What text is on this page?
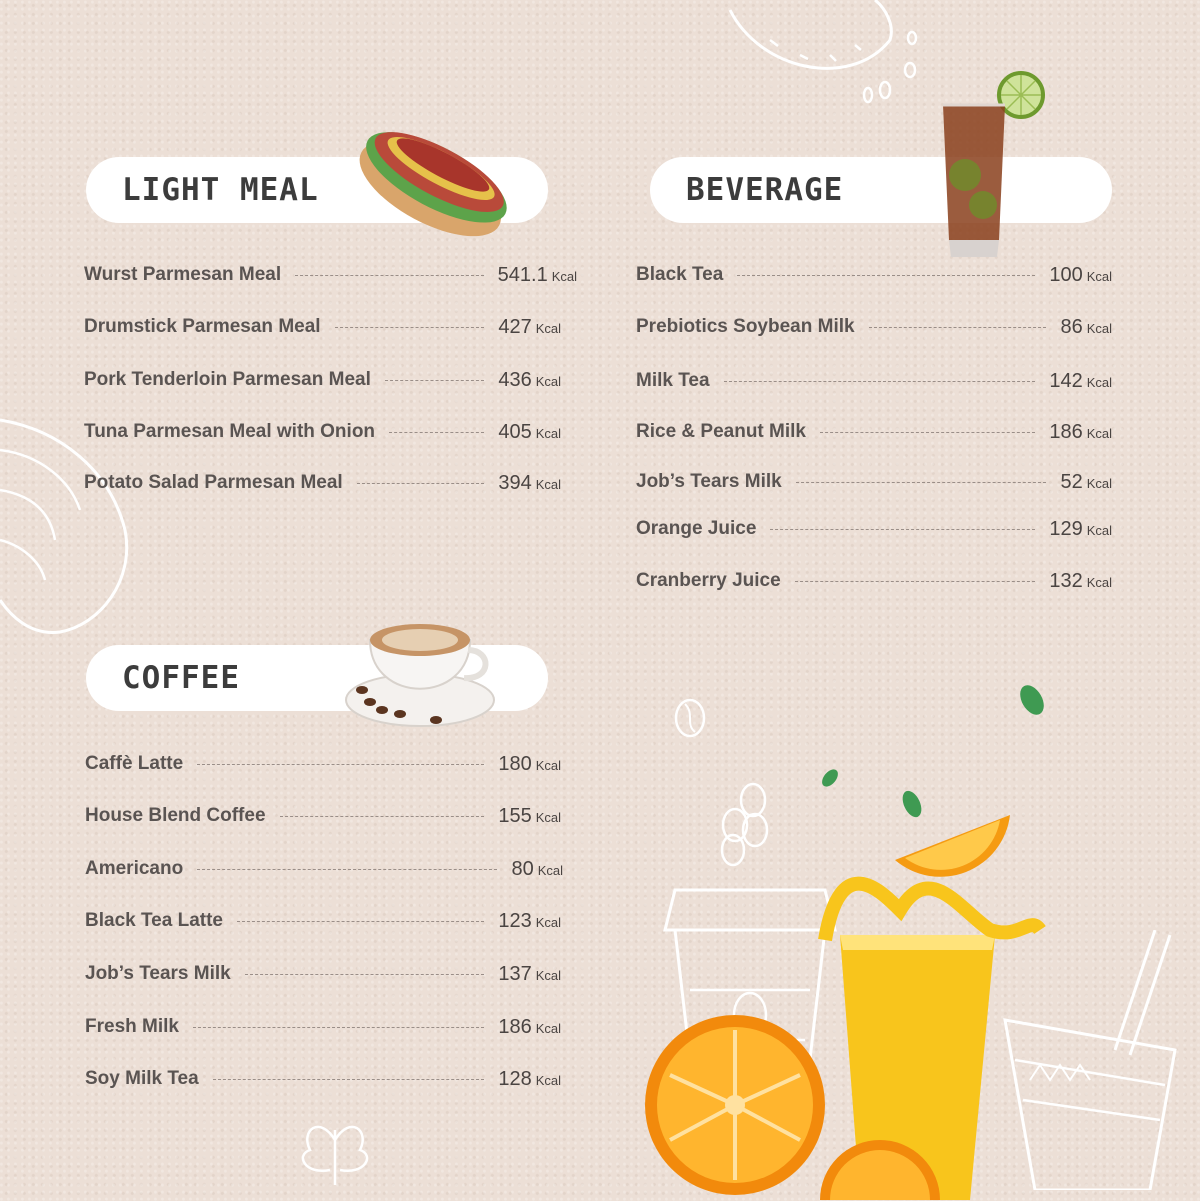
LIGHT MEAL
Wurst Parmesan Meal	541.1 Kcal
Drumstick Parmesan Meal	427 Kcal
Pork Tenderloin Parmesan Meal	436 Kcal
Tuna Parmesan Meal with Onion	405 Kcal
Potato Salad Parmesan Meal	394 Kcal
BEVERAGE
Black Tea	100 Kcal
Prebiotics Soybean Milk	86 Kcal
Milk Tea	142 Kcal
Rice & Peanut Milk	186 Kcal
Job’s Tears Milk	52 Kcal
Orange Juice	129 Kcal
Cranberry Juice	132 Kcal
COFFEE
Caffè Latte	180 Kcal
House Blend Coffee	155 Kcal
Americano	80 Kcal
Black Tea Latte	123 Kcal
Job’s Tears Milk	137 Kcal
Fresh Milk	186 Kcal
Soy Milk Tea	128 Kcal
